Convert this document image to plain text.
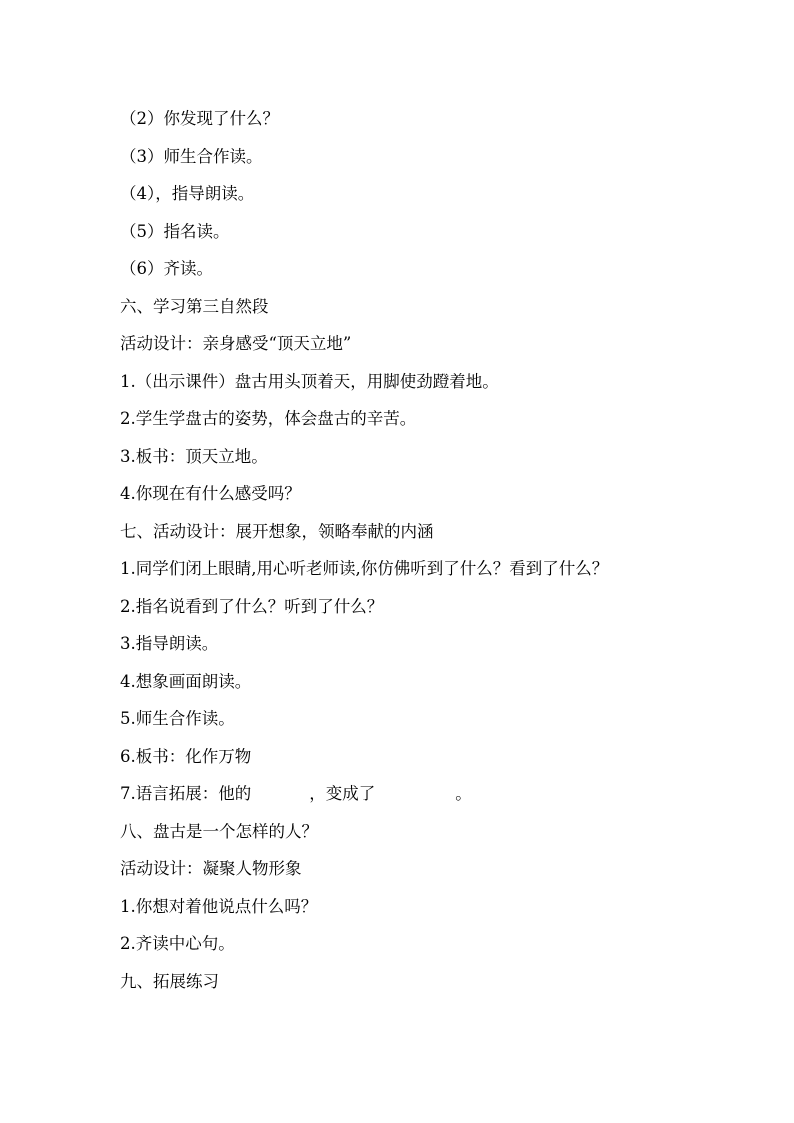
（2）你发现了什么？
（3）师生合作读。
（4），指导朗读。
（5）指名读。
（6）齐读。
六、学习第三自然段
活动设计：亲身感受“顶天立地”
1.（出示课件）盘古用头顶着天，用脚使劲蹬着地。
2.学生学盘古的姿势，体会盘古的辛苦。
3.板书：顶天立地。
4.你现在有什么感受吗？
七、活动设计：展开想象，领略奉献的内涵
1.同学们闭上眼睛,用心听老师读,你仿佛听到了什么？看到了什么？
2.指名说看到了什么？听到了什么？
3.指导朗读。
4.想象画面朗读。
5.师生合作读。
6.板书：化作万物
7.语言拓展：他的	，变成了	。
八、盘古是一个怎样的人？
活动设计：凝聚人物形象
1.你想对着他说点什么吗？
2.齐读中心句。
九、拓展练习
